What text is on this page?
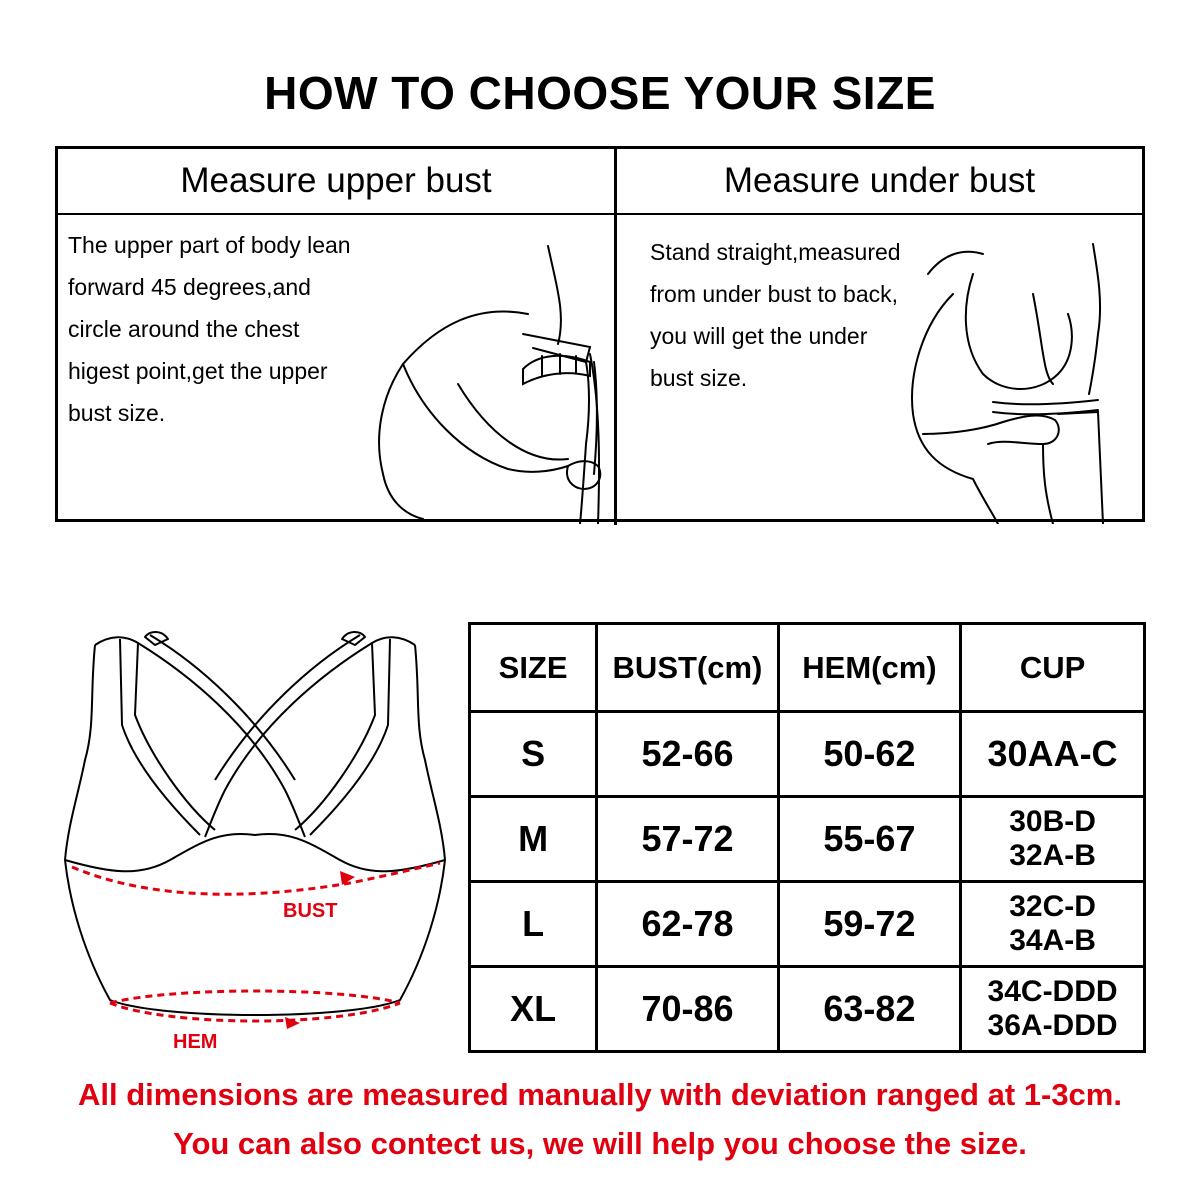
HOW TO CHOOSE YOUR SIZE
Measure upper bust	Measure under bust
The upper part of body lean
forward 45 degrees,and
circle around the chest
higest point,get the upper
bust size.
Stand straight,measured
from under bust to back,
you will get the under
bust size.
BUST
HEM
SIZE	BUST(cm)	HEM(cm)	CUP
S	52-66	50-62	30AA-C

M	57-72	55-67	30B-D
32A-B

L	62-78	59-72	32C-D
34A-B

XL	70-86	63-82	34C-DDD
36A-DDD
All dimensions are measured manually with deviation ranged at 1-3cm.
You can also contect us, we will help you choose the size.
